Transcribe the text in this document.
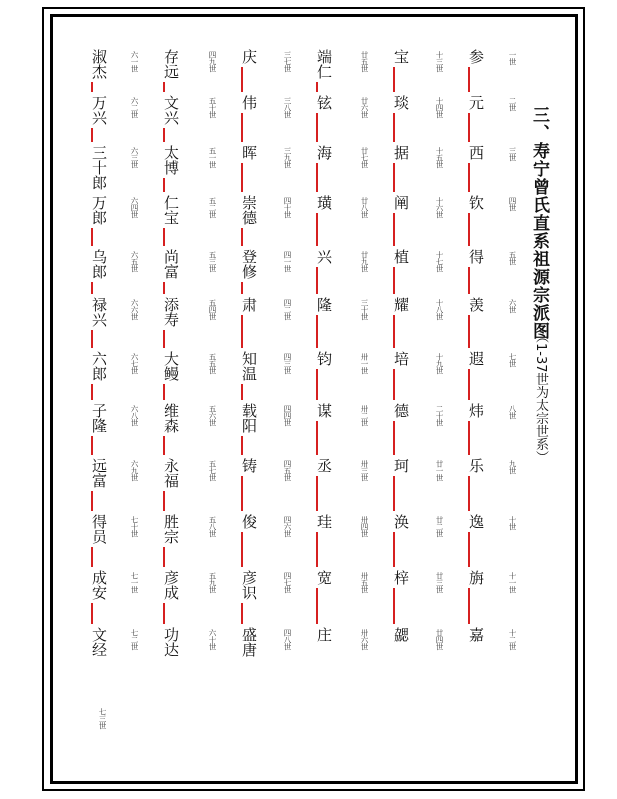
三、寿宁曾氏直系祖源宗派图
（1-37世为太宗世系）
一世
二世
三世
四世
五世
六世
七世
八世
九世
十世
十一世
十二世
参
元
西
钦
得
羡
遐
炜
乐
逸
旃
嘉
十三世
十四世
十五世
十六世
十七世
十八世
十九世
二十世
廿一世
廿二世
廿三世
廿四世
宝
琰
据
阐
植
耀
培
德
珂
涣
梓
勰
廿五世
廿六世
廿七世
廿八世
廿九世
三十世
卅一世
卅二世
卅三世
卅四世
卅五世
卅六世
端仁
铉
海
璜
兴
隆
钧
谋
丞
珪
宽
庄
三七世
三八世
三九世
四十世
四一世
四二世
四三世
四四世
四五世
四六世
四七世
四八世
庆
伟
晖
崇德
登修
肃
知温
载阳
铸
俊
彦识
盛唐
四九世
五十世
五一世
五二世
五三世
五四世
五五世
五六世
五七世
五八世
五九世
六十世
存远
文兴
太博
仁宝
尚富
添寿
大鳗
维森
永福
胜宗
彦成
功达
六一世
六二世
六三世
六四世
六五世
六六世
六七世
六八世
六九世
七十世
七一世
七二世
淑杰
万兴
三十郎
万郎
乌郎
禄兴
六郎
子隆
远富
得员
成安
文经
七三世
